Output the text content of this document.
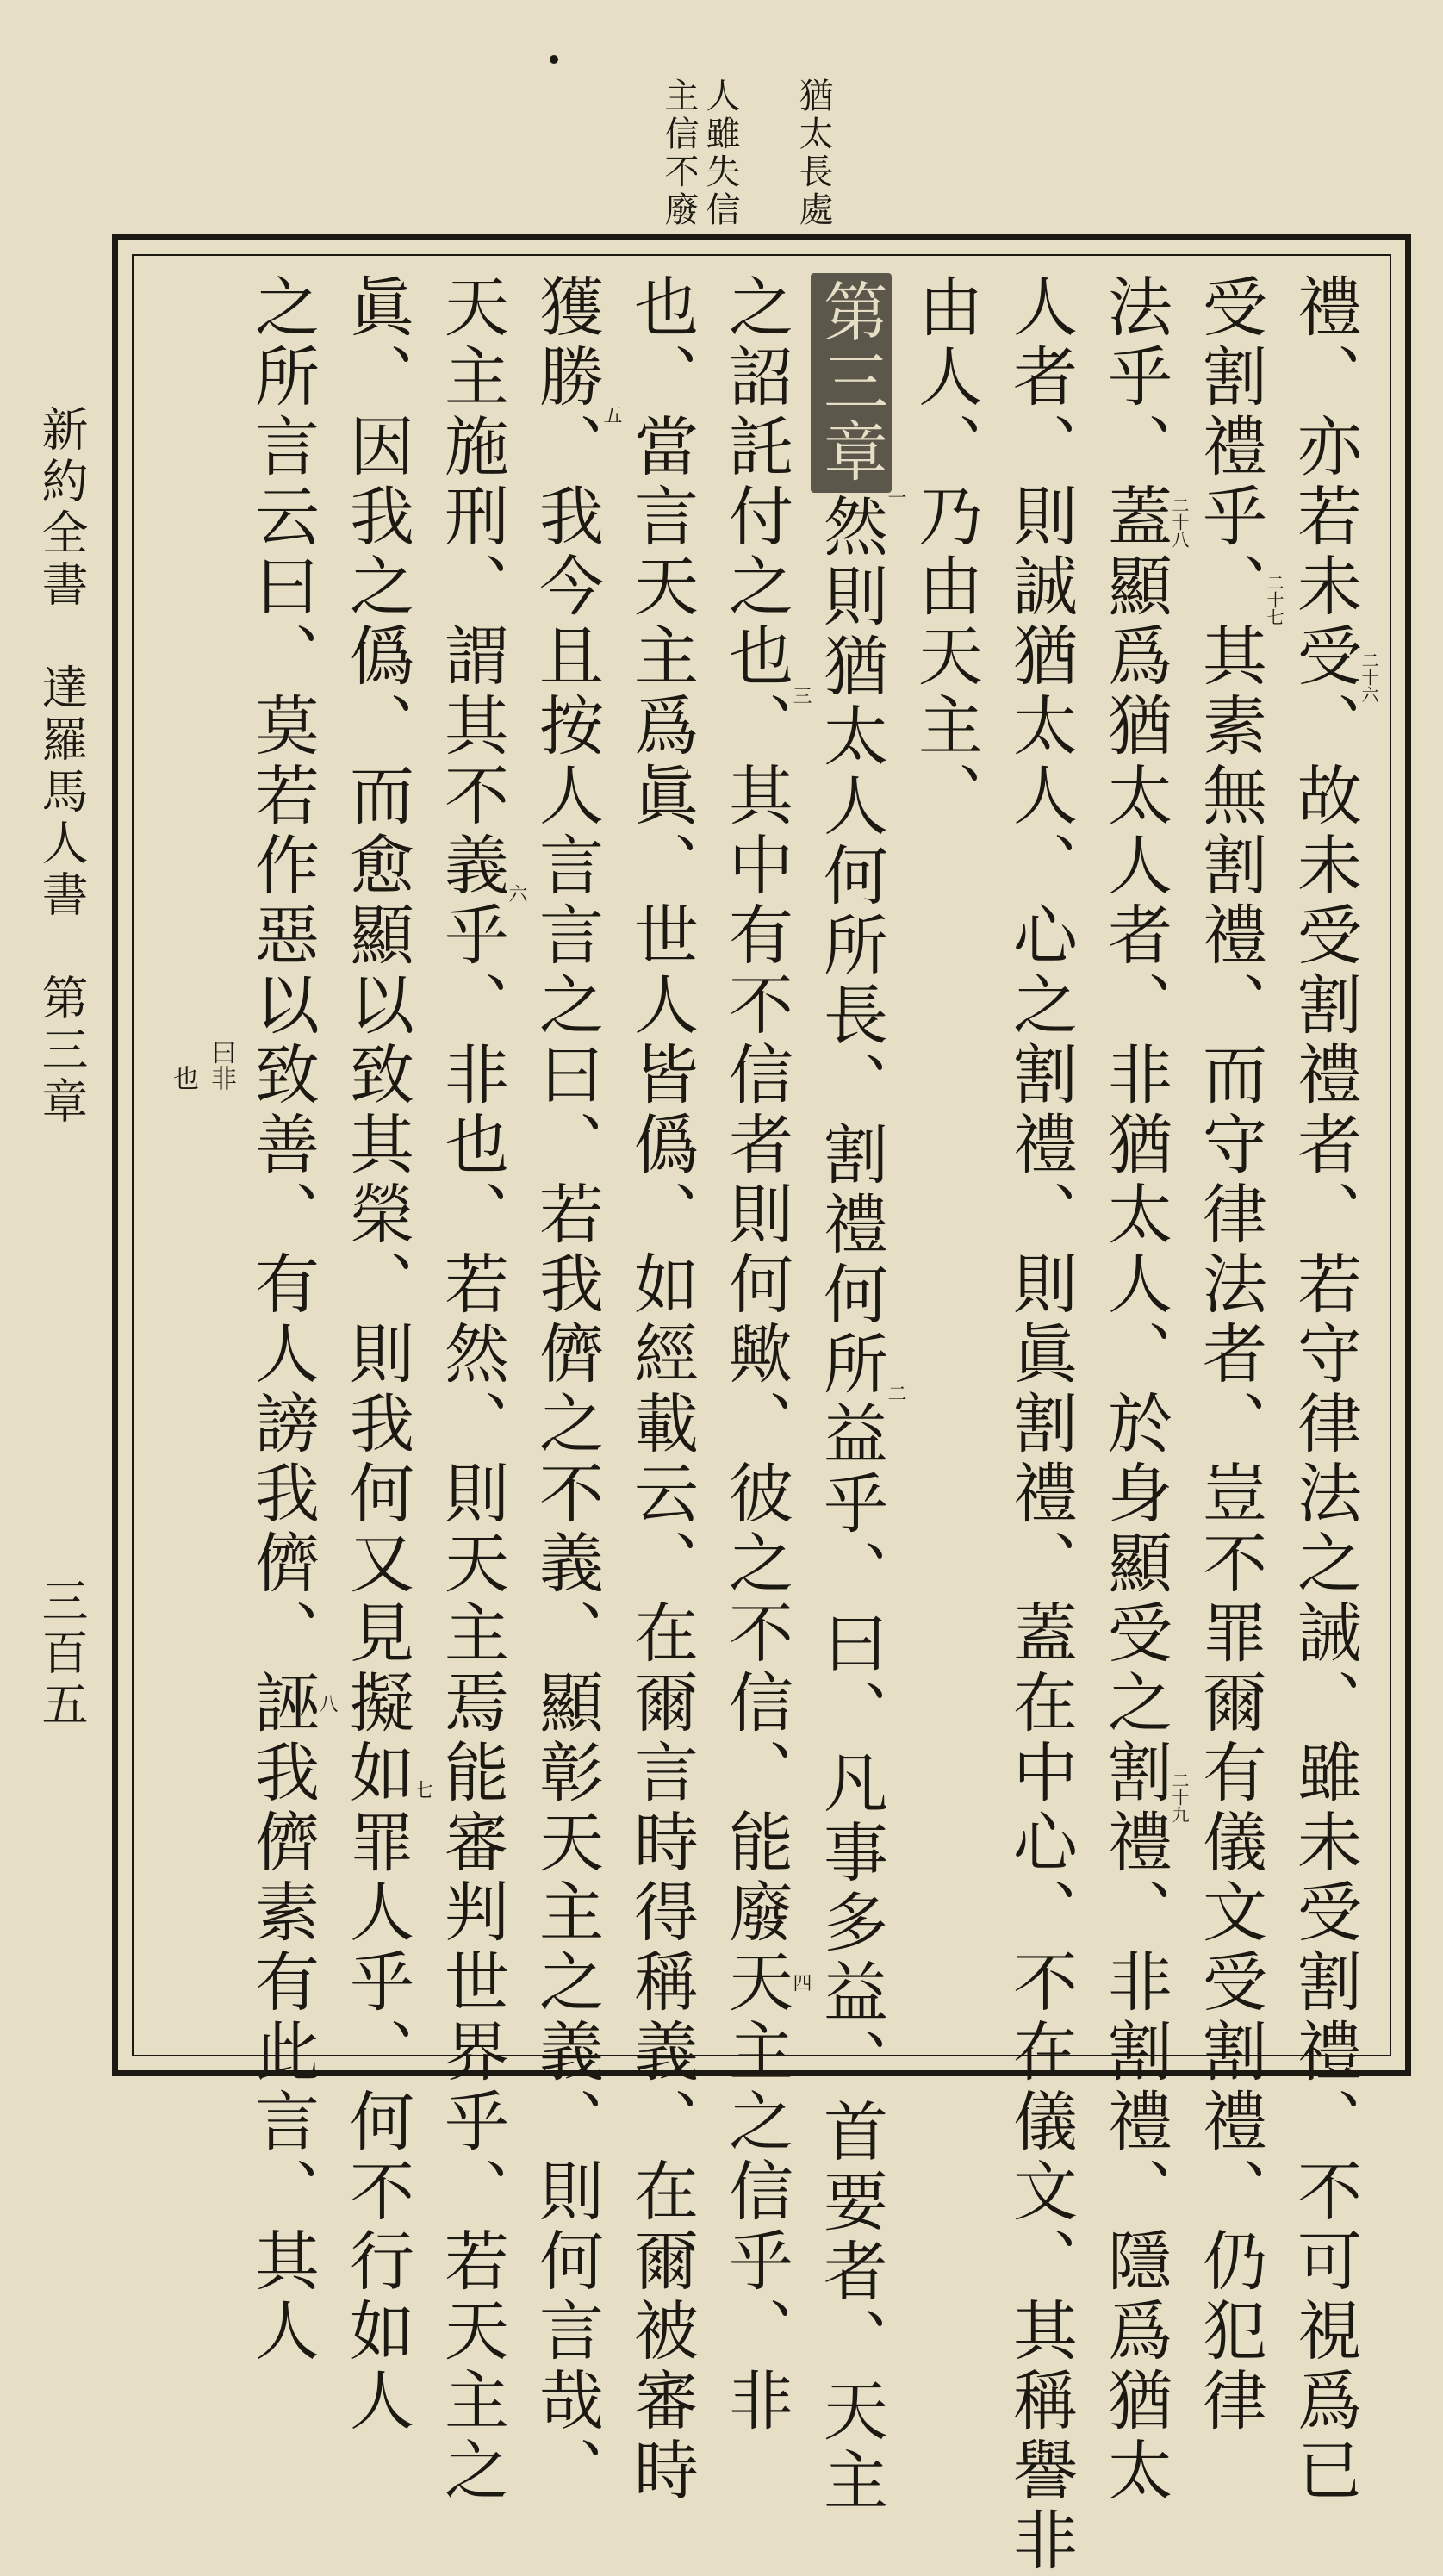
猶太長處
人雖失信
主信不廢
新約全書　達羅馬人書　第三章
三百五	禮、亦若未受、故未受割禮者、若守律法之誡、雖未受割禮、不可視爲已
受割禮乎、其素無割禮、而守律法者、豈不罪爾有儀文受割禮、仍犯律
法乎、蓋顯爲猶太人者、非猶太人、於身顯受之割禮、非割禮、隱爲猶太
人者、則誠猶太人、心之割禮、則眞割禮、蓋在中心、不在儀文、其稱譽非
由人、乃由天主、
第三章然則猶太人何所長、割禮何所益乎、曰、凡事多益、首要者、天主
之詔託付之也、其中有不信者則何歟、彼之不信、能廢天主之信乎、非
也、當言天主爲眞、世人皆僞、如經載云、在爾言時得稱義、在爾被審時
獲勝、我今且按人言言之曰、若我儕之不義、顯彰天主之義、則何言哉、
天主施刑、謂其不義乎、非也、若然、則天主焉能審判世界乎、若天主之
眞、因我之僞、而愈顯以致其榮、則我何又見擬如罪人乎、何不行如人
之所言云曰、莫若作惡以致善、有人謗我儕、誣我儕素有此言、其人	二十六
二十七
二十八
二十九
一
二
三
四
五
六
七
八
曰非
也
